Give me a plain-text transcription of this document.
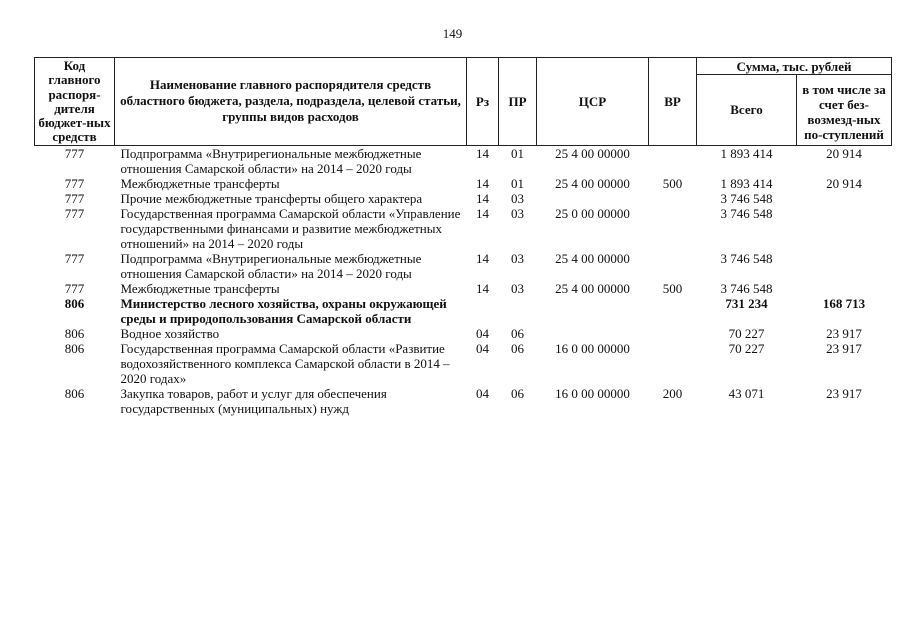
149
Код главного распоря-дителя бюджет-ных средств	Наименование главного распорядителя средств областного бюджета, раздела, подраздела, целевой статьи, группы видов расходов	Рз	ПР	ЦСР	ВР	Сумма, тыс. рублей	
						Всего	в том числе за счет без-возмезд-ных по-ступлений
777	Подпрограмма «Внутрирегиональные межбюджетные отношения Самарской области» на 2014 – 2020 годы	14	01	25 4 00 00000		1 893 414	20 914
777	Межбюджетные трансферты	14	01	25 4 00 00000	500	1 893 414	20 914
777	Прочие межбюджетные трансферты общего характера	14	03			3 746 548	
777	Государственная программа Самарской области «Управление государственными финансами и развитие межбюджетных отношений» на 2014 – 2020 годы	14	03	25 0 00 00000		3 746 548	
777	Подпрограмма «Внутрирегиональные межбюджетные отношения Самарской области» на 2014 – 2020 годы	14	03	25 4 00 00000		3 746 548	
777	Межбюджетные трансферты	14	03	25 4 00 00000	500	3 746 548	
806	Министерство лесного хозяйства, охраны окружающей среды и природопользования Самарской области					731 234	168 713
806	Водное хозяйство	04	06			70 227	23 917
806	Государственная программа Самарской области «Развитие водохозяйственного комплекса Самарской области в 2014 – 2020 годах»	04	06	16 0 00 00000		70 227	23 917
806	Закупка товаров, работ и услуг для обеспечения государственных (муниципальных) нужд	04	06	16 0 00 00000	200	43 071	23 917
